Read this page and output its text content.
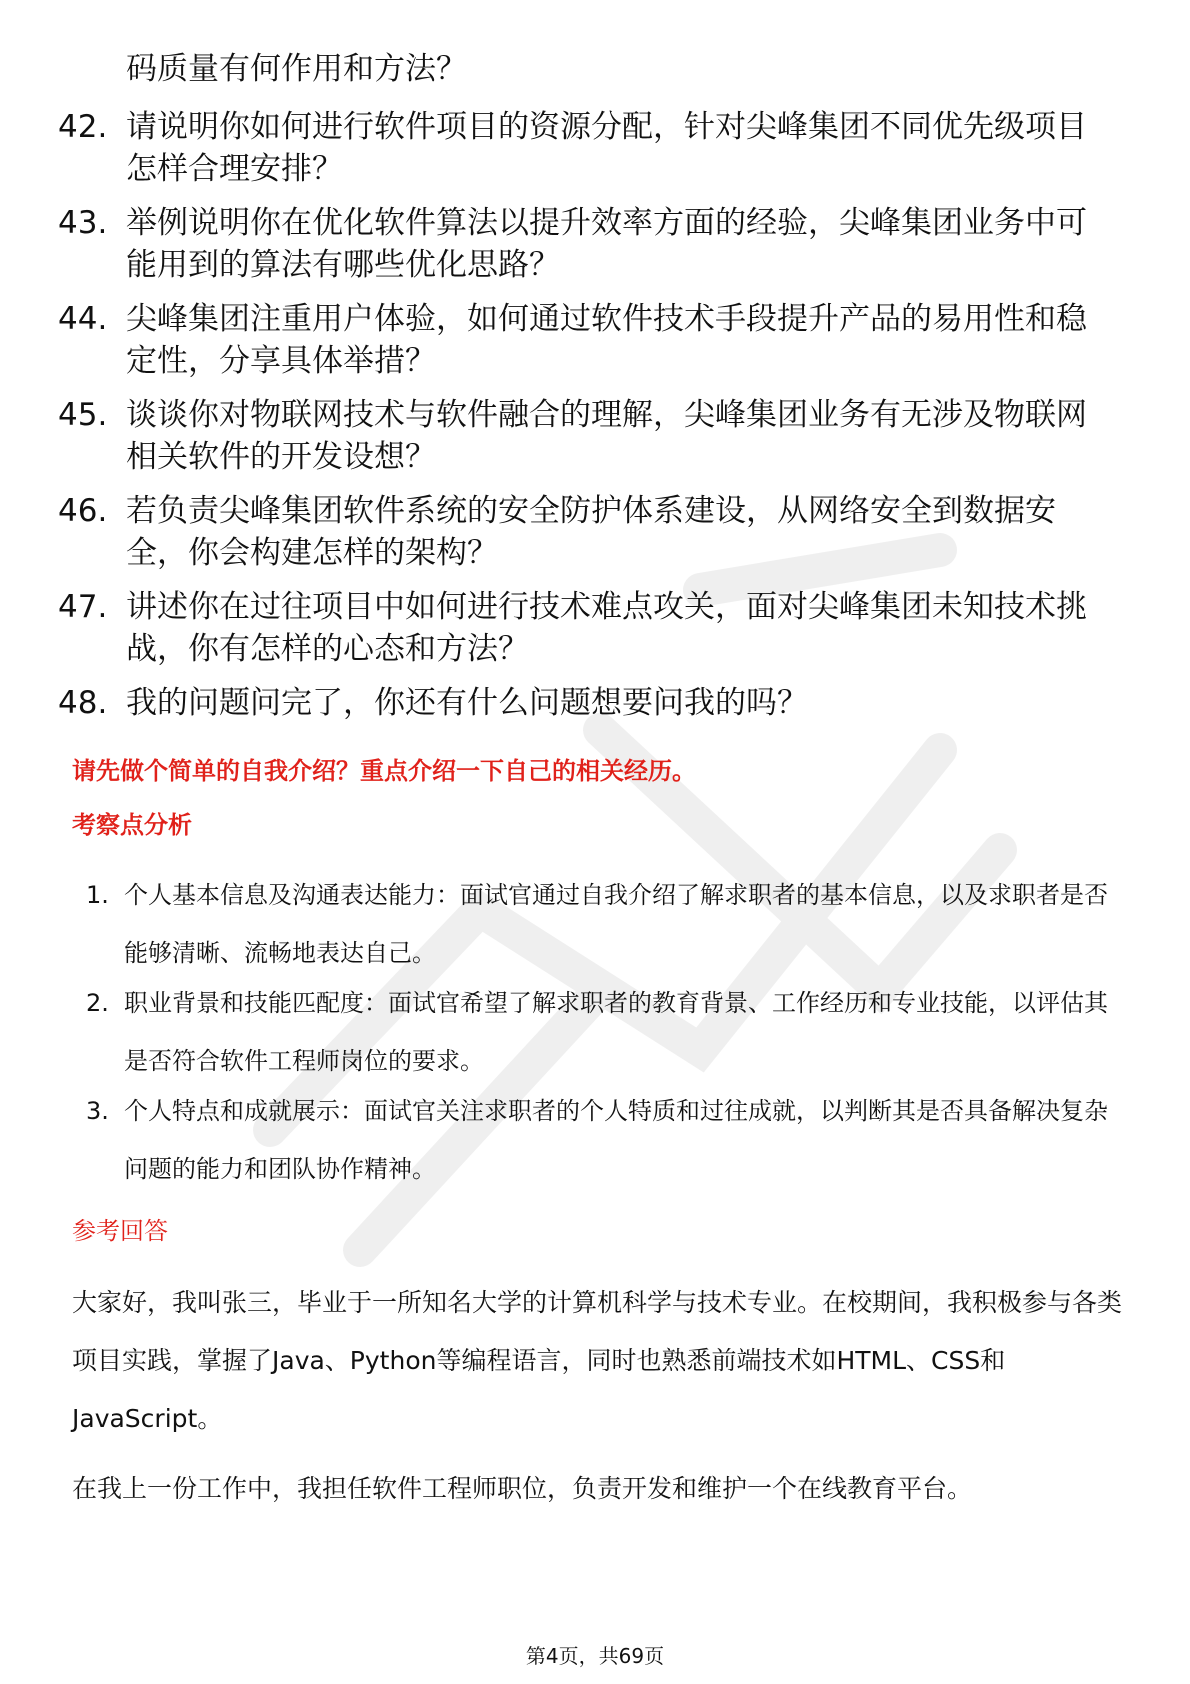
码质量有何作用和方法？
42. 请说明你如何进行软件项目的资源分配，针对尖峰集团不同优先级项目怎样合理安排？
43. 举例说明你在优化软件算法以提升效率方面的经验，尖峰集团业务中可能用到的算法有哪些优化思路？
44. 尖峰集团注重用户体验，如何通过软件技术手段提升产品的易用性和稳定性，分享具体举措？
45. 谈谈你对物联网技术与软件融合的理解，尖峰集团业务有无涉及物联网相关软件的开发设想？
46. 若负责尖峰集团软件系统的安全防护体系建设，从网络安全到数据安全，你会构建怎样的架构？
47. 讲述你在过往项目中如何进行技术难点攻关，面对尖峰集团未知技术挑战，你有怎样的心态和方法？
48. 我的问题问完了，你还有什么问题想要问我的吗？
请先做个简单的自我介绍？重点介绍一下自己的相关经历。
考察点分析
1. 个人基本信息及沟通表达能力：面试官通过自我介绍了解求职者的基本信息，以及求职者是否能够清晰、流畅地表达自己。
2. 职业背景和技能匹配度：面试官希望了解求职者的教育背景、工作经历和专业技能，以评估其是否符合软件工程师岗位的要求。
3. 个人特点和成就展示：面试官关注求职者的个人特质和过往成就，以判断其是否具备解决复杂问题的能力和团队协作精神。
参考回答
大家好，我叫张三，毕业于一所知名大学的计算机科学与技术专业。在校期间，我积极参与各类项目实践，掌握了Java、Python等编程语言，同时也熟悉前端技术如HTML、CSS和JavaScript。
在我上一份工作中，我担任软件工程师职位，负责开发和维护一个在线教育平台。
第4页，共69页
